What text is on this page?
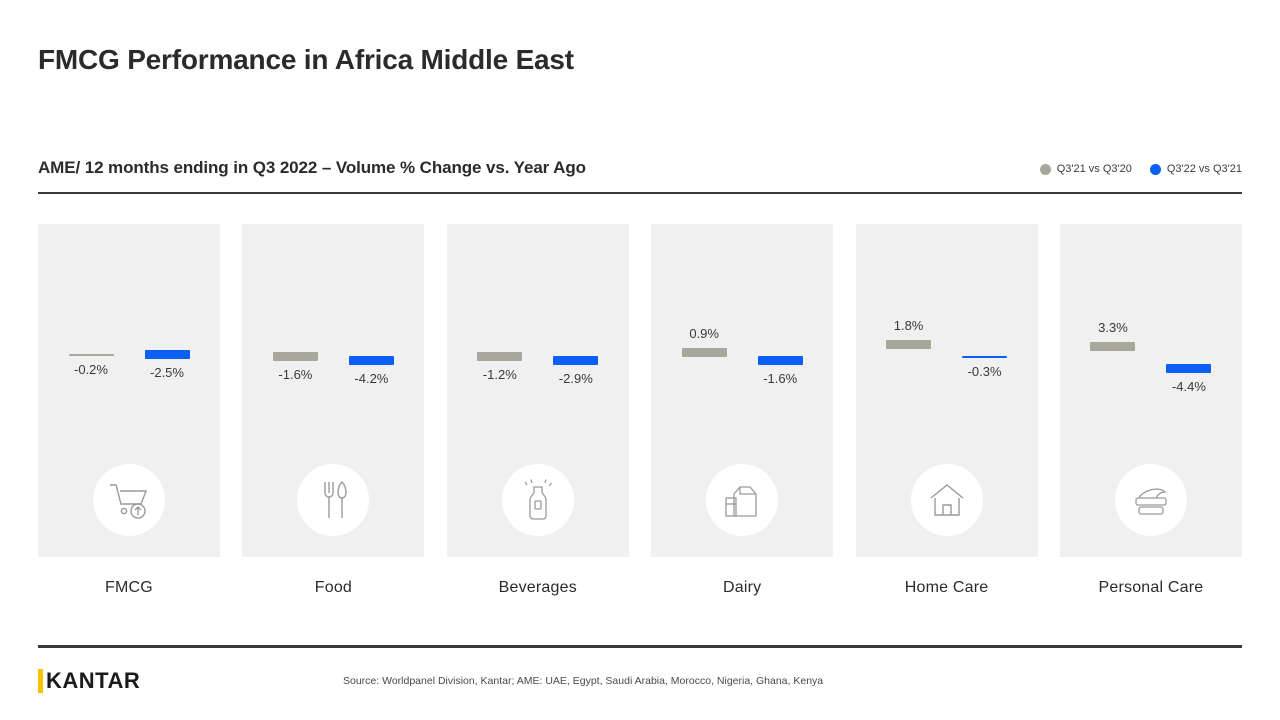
FMCG Performance in Africa Middle East
AME/ 12 months ending in Q3 2022 – Volume % Change vs. Year Ago	Q3'21 vs Q3'20	Q3'22 vs Q3'21
-0.2%	-2.5%
FMCG
-1.6%	-4.2%
Food
-1.2%	-2.9%
Beverages
0.9%
-1.6%
Dairy
1.8%
-0.3%
Home Care
3.3%
-4.4%
Personal Care
KANTAR	Source: Worldpanel Division, Kantar; AME: UAE, Egypt, Saudi Arabia, Morocco, Nigeria, Ghana, Kenya
